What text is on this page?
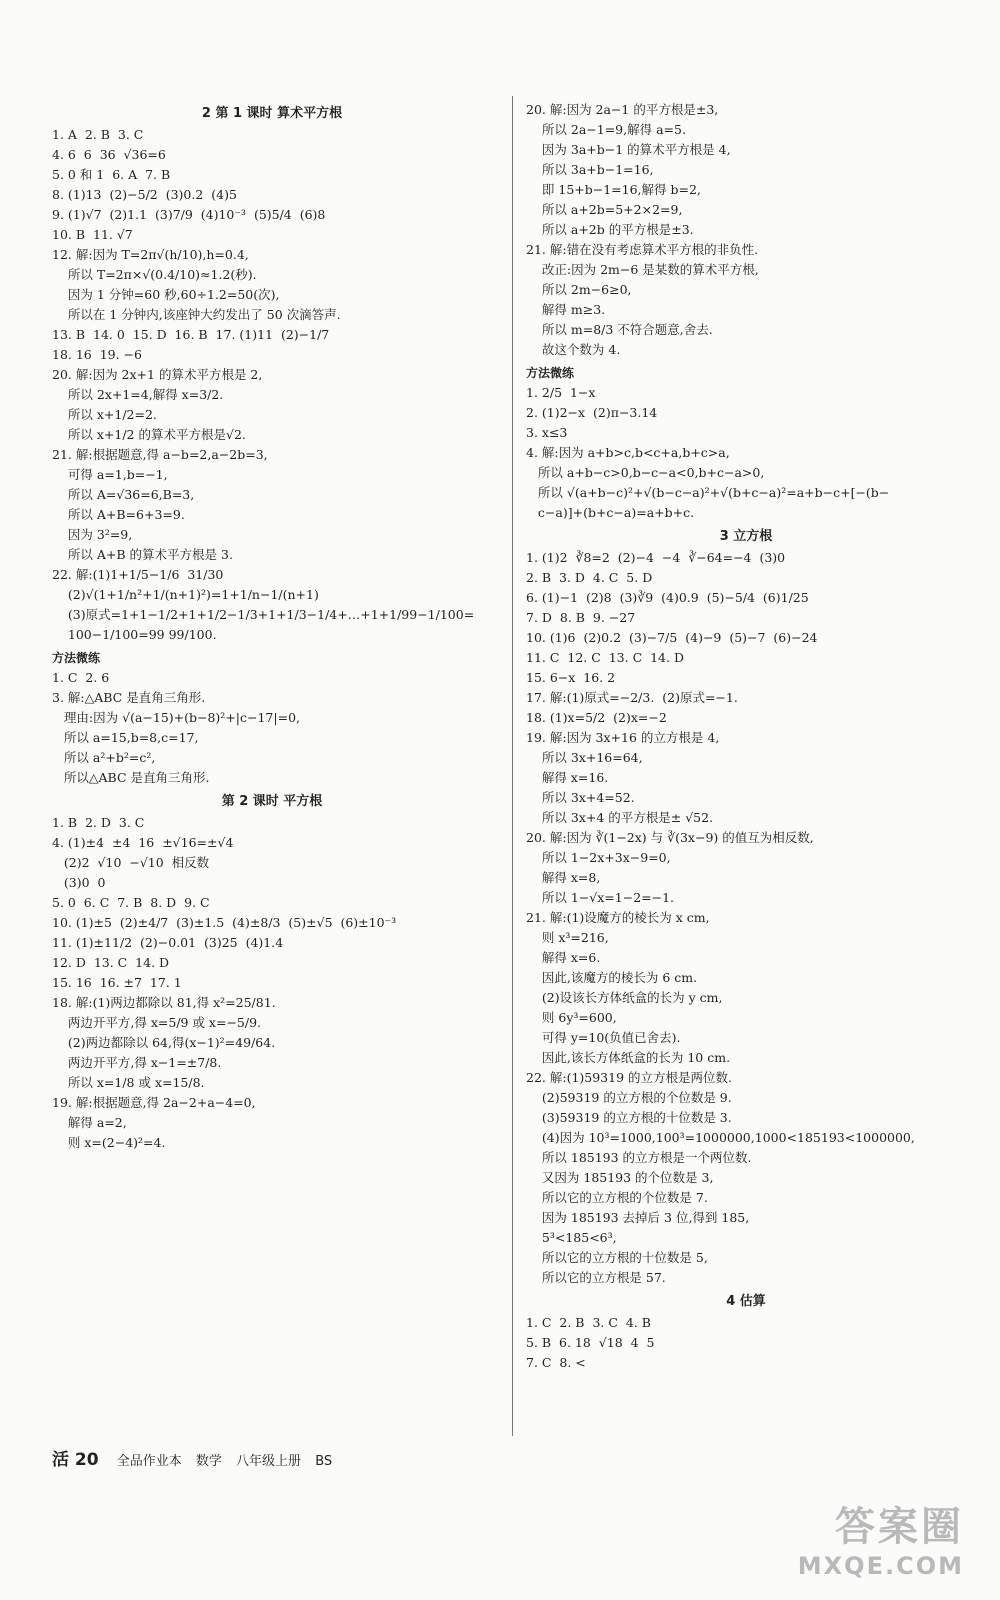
2 第 1 课时 算术平方根
1. A  2. B  3. C
4. 6  6  36  √36=6
5. 0 和 1  6. A  7. B
8. (1)13  (2)−5/2  (3)0.2  (4)5
9. (1)√7  (2)1.1  (3)7/9  (4)10⁻³  (5)5/4  (6)8
10. B  11. √7
12. 解:因为 T=2π√(h/10),h=0.4,
所以 T=2π×√(0.4/10)≈1.2(秒).
因为 1 分钟=60 秒,60÷1.2=50(次),
所以在 1 分钟内,该座钟大约发出了 50 次滴答声.
13. B  14. 0  15. D  16. B  17. (1)11  (2)−1/7
18. 16  19. −6
20. 解:因为 2x+1 的算术平方根是 2,
所以 2x+1=4,解得 x=3/2.
所以 x+1/2=2.
所以 x+1/2 的算术平方根是√2.
21. 解:根据题意,得 a−b=2,a−2b=3,
可得 a=1,b=−1,
所以 A=√36=6,B=3,
所以 A+B=6+3=9.
因为 3²=9,
所以 A+B 的算术平方根是 3.
22. 解:(1)1+1/5−1/6  31/30
(2)√(1+1/n²+1/(n+1)²)=1+1/n−1/(n+1)
(3)原式=1+1−1/2+1+1/2−1/3+1+1/3−1/4+…+1+1/99−1/100=
100−1/100=99 99/100.
方法微练
1. C  2. 6
3. 解:△ABC 是直角三角形.
理由:因为 √(a−15)+(b−8)²+|c−17|=0,
所以 a=15,b=8,c=17,
所以 a²+b²=c²,
所以△ABC 是直角三角形.
第 2 课时 平方根
1. B  2. D  3. C
4. (1)±4  ±4  16  ±√16=±√4
(2)2  √10  −√10  相反数
(3)0  0
5. 0  6. C  7. B  8. D  9. C
10. (1)±5  (2)±4/7  (3)±1.5  (4)±8/3  (5)±√5  (6)±10⁻³
11. (1)±11/2  (2)−0.01  (3)25  (4)1.4
12. D  13. C  14. D
15. 16  16. ±7  17. 1
18. 解:(1)两边都除以 81,得 x²=25/81.
两边开平方,得 x=5/9 或 x=−5/9.
(2)两边都除以 64,得(x−1)²=49/64.
两边开平方,得 x−1=±7/8.
所以 x=1/8 或 x=15/8.
19. 解:根据题意,得 2a−2+a−4=0,
解得 a=2,
则 x=(2−4)²=4.
20. 解:因为 2a−1 的平方根是±3,
所以 2a−1=9,解得 a=5.
因为 3a+b−1 的算术平方根是 4,
所以 3a+b−1=16,
即 15+b−1=16,解得 b=2,
所以 a+2b=5+2×2=9,
所以 a+2b 的平方根是±3.
21. 解:错在没有考虑算术平方根的非负性.
改正:因为 2m−6 是某数的算术平方根,
所以 2m−6≥0,
解得 m≥3.
所以 m=8/3 不符合题意,舍去.
故这个数为 4.
方法微练
1. 2/5  1−x
2. (1)2−x  (2)π−3.14
3. x≤3
4. 解:因为 a+b>c,b<c+a,b+c>a,
所以 a+b−c>0,b−c−a<0,b+c−a>0,
所以 √(a+b−c)²+√(b−c−a)²+√(b+c−a)²=a+b−c+[−(b−
c−a)]+(b+c−a)=a+b+c.
3 立方根
1. (1)2  ∛8=2  (2)−4  −4  ∛−64=−4  (3)0
2. B  3. D  4. C  5. D
6. (1)−1  (2)8  (3)∛9  (4)0.9  (5)−5/4  (6)1/25
7. D  8. B  9. −27
10. (1)6  (2)0.2  (3)−7/5  (4)−9  (5)−7  (6)−24
11. C  12. C  13. C  14. D
15. 6−x  16. 2
17. 解:(1)原式=−2/3.  (2)原式=−1.
18. (1)x=5/2  (2)x=−2
19. 解:因为 3x+16 的立方根是 4,
所以 3x+16=64,
解得 x=16.
所以 3x+4=52.
所以 3x+4 的平方根是± √52.
20. 解:因为 ∛(1−2x) 与 ∛(3x−9) 的值互为相反数,
所以 1−2x+3x−9=0,
解得 x=8,
所以 1−√x=1−2=−1.
21. 解:(1)设魔方的棱长为 x cm,
则 x³=216,
解得 x=6.
因此,该魔方的棱长为 6 cm.
(2)设该长方体纸盒的长为 y cm,
则 6y³=600,
可得 y=10(负值已舍去).
因此,该长方体纸盒的长为 10 cm.
22. 解:(1)59319 的立方根是两位数.
(2)59319 的立方根的个位数是 9.
(3)59319 的立方根的十位数是 3.
(4)因为 10³=1000,100³=1000000,1000<185193<1000000,
所以 185193 的立方根是一个两位数.
又因为 185193 的个位数是 3,
所以它的立方根的个位数是 7.
因为 185193 去掉后 3 位,得到 185,
5³<185<6³,
所以它的立方根的十位数是 5,
所以它的立方根是 57.
4 估算
1. C  2. B  3. C  4. B
5. B  6. 18  √18  4  5
7. C  8. <
活 20 全品作业本 数学 八年级上册 BS
答案圈
MXQE.COM
